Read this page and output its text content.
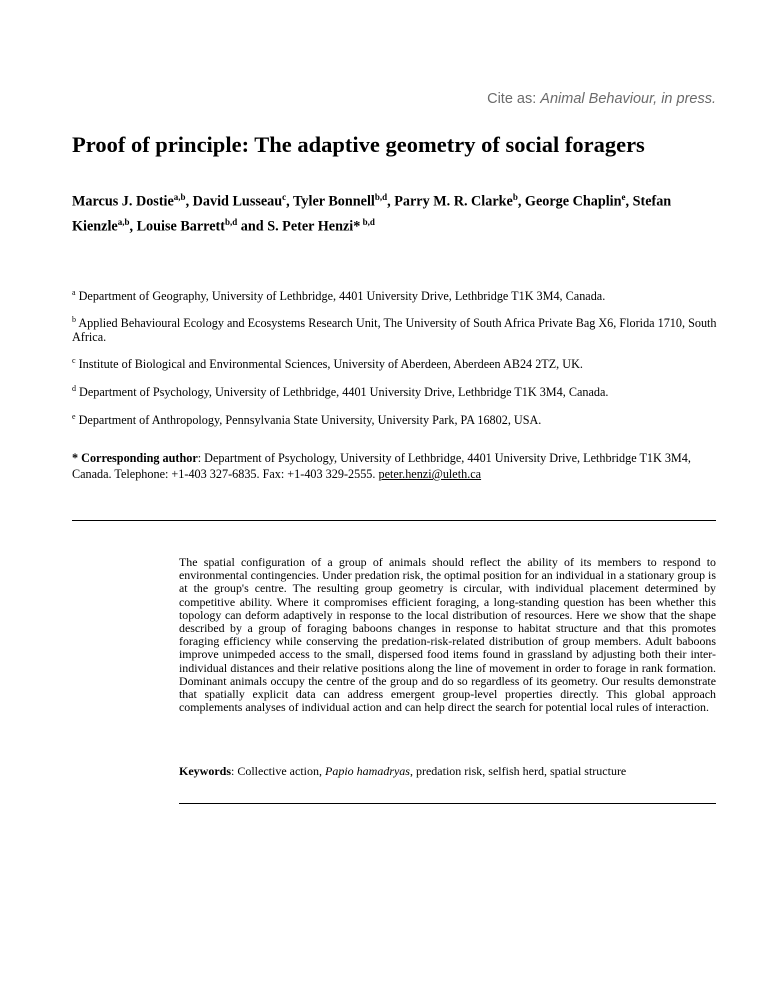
Cite as: Animal Behaviour, in press.
Proof of principle: The adaptive geometry of social foragers
Marcus J. Dostie$^{a,b}$, David Lusseau$^c$, Tyler Bonnell$^{b,d}$, Parry M. R. Clarke$^b$, George Chaplin$^e$, Stefan Kienzle$^{a,b}$, Louise Barrett$^{b,d}$ and S. Peter Henzi* $^{b,d}$
$^a$ Department of Geography, University of Lethbridge, 4401 University Drive, Lethbridge T1K 3M4, Canada.
$^b$ Applied Behavioural Ecology and Ecosystems Research Unit, The University of South Africa Private Bag X6, Florida 1710, South Africa.
$^c$ Institute of Biological and Environmental Sciences, University of Aberdeen, Aberdeen AB24 2TZ, UK.
$^d$ Department of Psychology, University of Lethbridge, 4401 University Drive, Lethbridge T1K 3M4, Canada.
$^e$ Department of Anthropology, Pennsylvania State University, University Park, PA 16802, USA.
* Corresponding author: Department of Psychology, University of Lethbridge, 4401 University Drive, Lethbridge T1K 3M4, Canada. Telephone: +1-403 327-6835. Fax: +1-403 329-2555. peter.henzi@uleth.ca

The spatial configuration of a group of animals should reflect the ability of its members to respond to environmental contingencies. Under predation risk, the optimal position for an individual in a stationary group is at the group's centre. The resulting group geometry is circular, with individual placement determined by competitive ability. Where it compromises efficient foraging, a long-standing question has been whether this topology can deform adaptively in response to the local distribution of resources. Here we show that the shape described by a group of foraging baboons changes in response to habitat structure and that this promotes foraging efficiency while conserving the predation-risk-related distribution of group members. Adult baboons improve unimpeded access to the small, dispersed food items found in grassland by adjusting both their inter-individual distances and their relative positions along the line of movement in order to forage in rank formation. Dominant animals occupy the centre of the group and do so regardless of its geometry. Our results demonstrate that spatially explicit data can address emergent group-level properties directly. This global approach complements analyses of individual action and can help direct the search for potential local rules of interaction.

Keywords: Collective action, Papio hamadryas, predation risk, selfish herd, spatial structure
